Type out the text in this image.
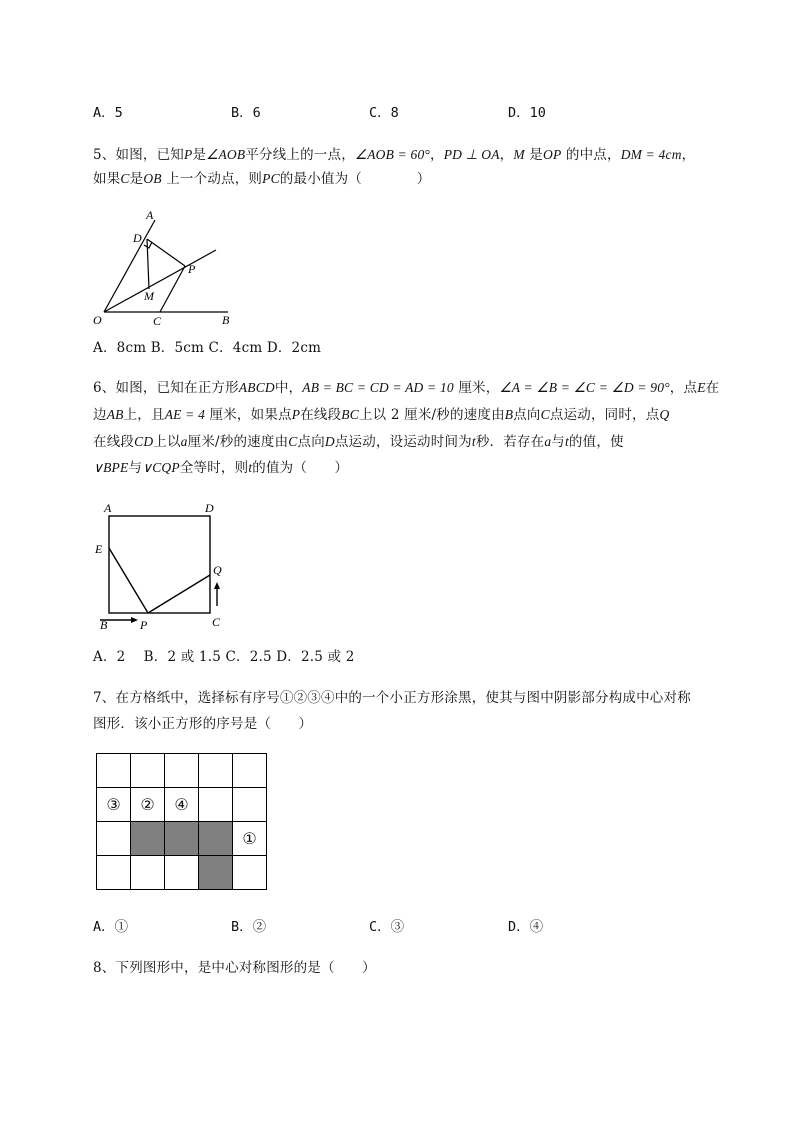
A．5	B．6	C．8	D．10
5、如图，已知P是∠AOB平分线上的一点，∠AOB = 60°，PD ⊥ OA，M 是OP 的中点，DM = 4cm，
如果C是OB 上一个动点，则PC的最小值为（　　　　）
A
D
P
M
O	C	B
A．8cm B．5cm C．4cm D．2cm
6、如图，已知在正方形ABCD中，AB = BC = CD = AD = 10 厘米，∠A = ∠B = ∠C = ∠D = 90°，点E在
边AB上，且AE = 4 厘米，如果点P在线段BC上以 2 厘米/秒的速度由B点向C点运动，同时，点Q
在线段CD上以a厘米/秒的速度由C点向D点运动，设运动时间为t秒．若存在a与t的值，使
∨BPE与∨CQP全等时，则t的值为（　　）
A	D
E
Q
B	P	C
A．2　 B．2 或 1.5 C．2.5 D．2.5 或 2
7、在方格纸中，选择标有序号①②③④中的一个小正方形涂黑，使其与图中阴影部分构成中心对称
图形．该小正方形的序号是（　　）

③	②	④		
				①

A．①	B．②	C．③	D．④
8、下列图形中，是中心对称图形的是（　　）
